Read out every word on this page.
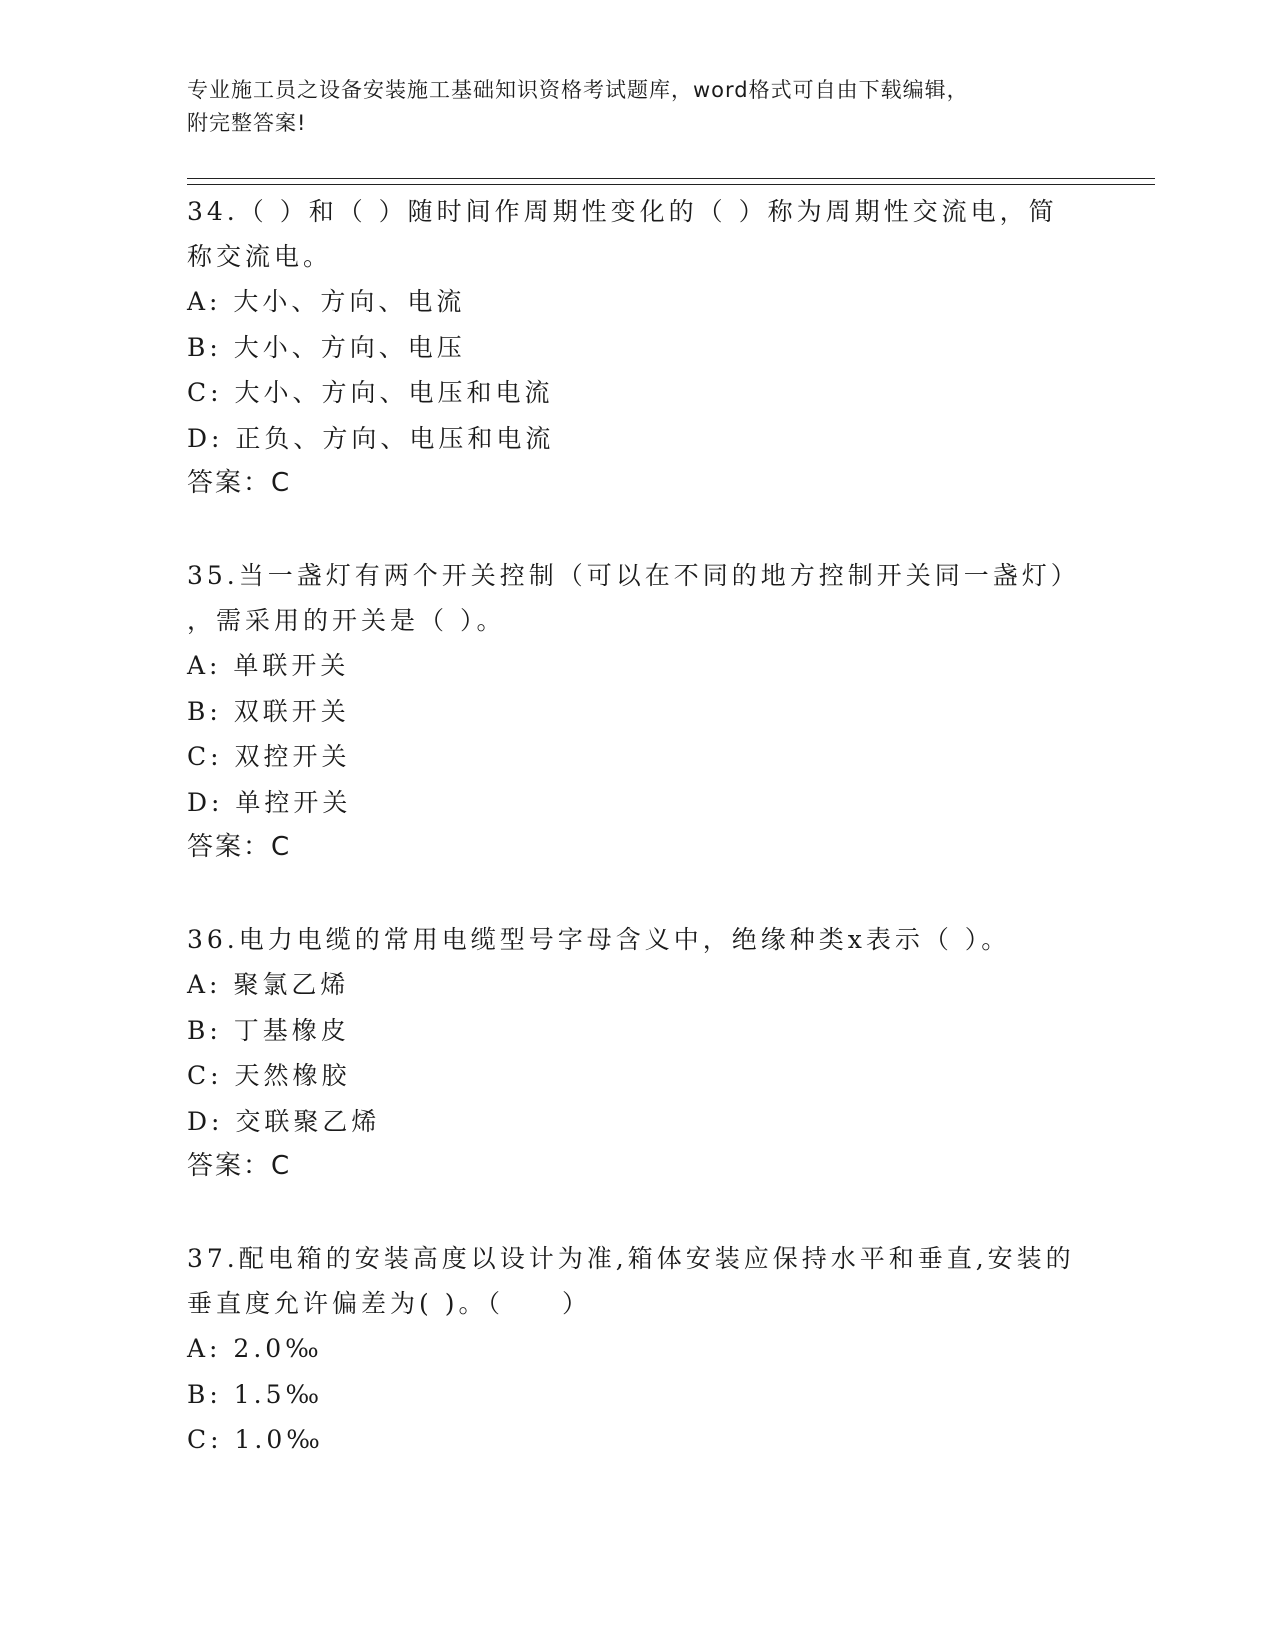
专业施工员之设备安装施工基础知识资格考试题库，word格式可自由下载编辑，
附完整答案!

34.（ ）和（ ）随时间作周期性变化的（ ）称为周期性交流电，简

称交流电。

A: 大小、方向、电流

B: 大小、方向、电压

C: 大小、方向、电压和电流

D: 正负、方向、电压和电流

答案：C

35.当一盏灯有两个开关控制（可以在不同的地方控制开关同一盏灯）

，需采用的开关是（ ）。

A: 单联开关

B: 双联开关

C: 双控开关

D: 单控开关

答案：C

36.电力电缆的常用电缆型号字母含义中，绝缘种类x表示（ ）。

A: 聚氯乙烯

B: 丁基橡皮

C: 天然橡胶

D: 交联聚乙烯

答案：C

37.配电箱的安装高度以设计为准,箱体安装应保持水平和垂直,安装的

垂直度允许偏差为( )。（　　）

A: 2.0‰

B: 1.5‰

C: 1.0‰
